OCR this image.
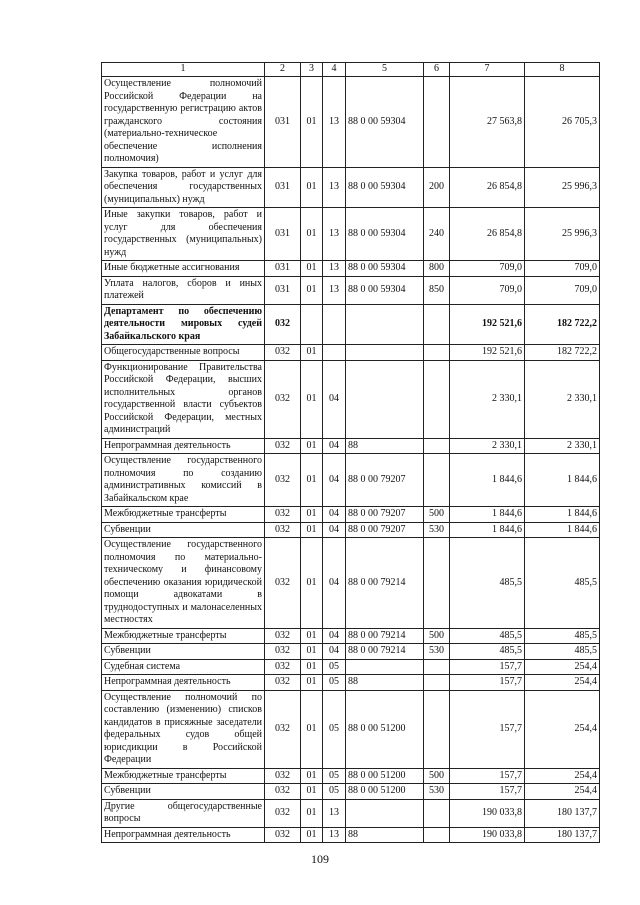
1	2	3	4	5	6	7	8
Осуществление полномочий Российской Федерации на государственную регистрацию актов гражданского состояния (материально-техническое обеспечение исполнения полномочия)	031	01	13	88 0 00 59304		27 563,8	26 705,3
Закупка товаров, работ и услуг для обеспечения государственных (муниципальных) нужд	031	01	13	88 0 00 59304	200	26 854,8	25 996,3
Иные закупки товаров, работ и услуг для обеспечения государственных (муниципальных) нужд	031	01	13	88 0 00 59304	240	26 854,8	25 996,3
Иные бюджетные ассигнования	031	01	13	88 0 00 59304	800	709,0	709,0
Уплата налогов, сборов и иных платежей	031	01	13	88 0 00 59304	850	709,0	709,0
Департамент по обеспечению деятельности мировых судей Забайкальского края	032					192 521,6	182 722,2
Общегосударственные вопросы	032	01				192 521,6	182 722,2
Функционирование Правительства Российской Федерации, высших исполнительных органов государственной власти субъектов Российской Федерации, местных администраций	032	01	04			2 330,1	2 330,1
Непрограммная деятельность	032	01	04	88		2 330,1	2 330,1
Осуществление государственного полномочия по созданию административных комиссий в Забайкальском крае	032	01	04	88 0 00 79207		1 844,6	1 844,6
Межбюджетные трансферты	032	01	04	88 0 00 79207	500	1 844,6	1 844,6
Субвенции	032	01	04	88 0 00 79207	530	1 844,6	1 844,6
Осуществление государственного полномочия по материально-техническому и финансовому обеспечению оказания юридической помощи адвокатами в труднодоступных и малонаселенных местностях	032	01	04	88 0 00 79214		485,5	485,5
Межбюджетные трансферты	032	01	04	88 0 00 79214	500	485,5	485,5
Субвенции	032	01	04	88 0 00 79214	530	485,5	485,5
Судебная система	032	01	05			157,7	254,4
Непрограммная деятельность	032	01	05	88		157,7	254,4
Осуществление полномочий по составлению (изменению) списков кандидатов в присяжные заседатели федеральных судов общей юрисдикции в Российской Федерации	032	01	05	88 0 00 51200		157,7	254,4
Межбюджетные трансферты	032	01	05	88 0 00 51200	500	157,7	254,4
Субвенции	032	01	05	88 0 00 51200	530	157,7	254,4
Другие общегосударственные вопросы	032	01	13			190 033,8	180 137,7
Непрограммная деятельность	032	01	13	88		190 033,8	180 137,7
109
